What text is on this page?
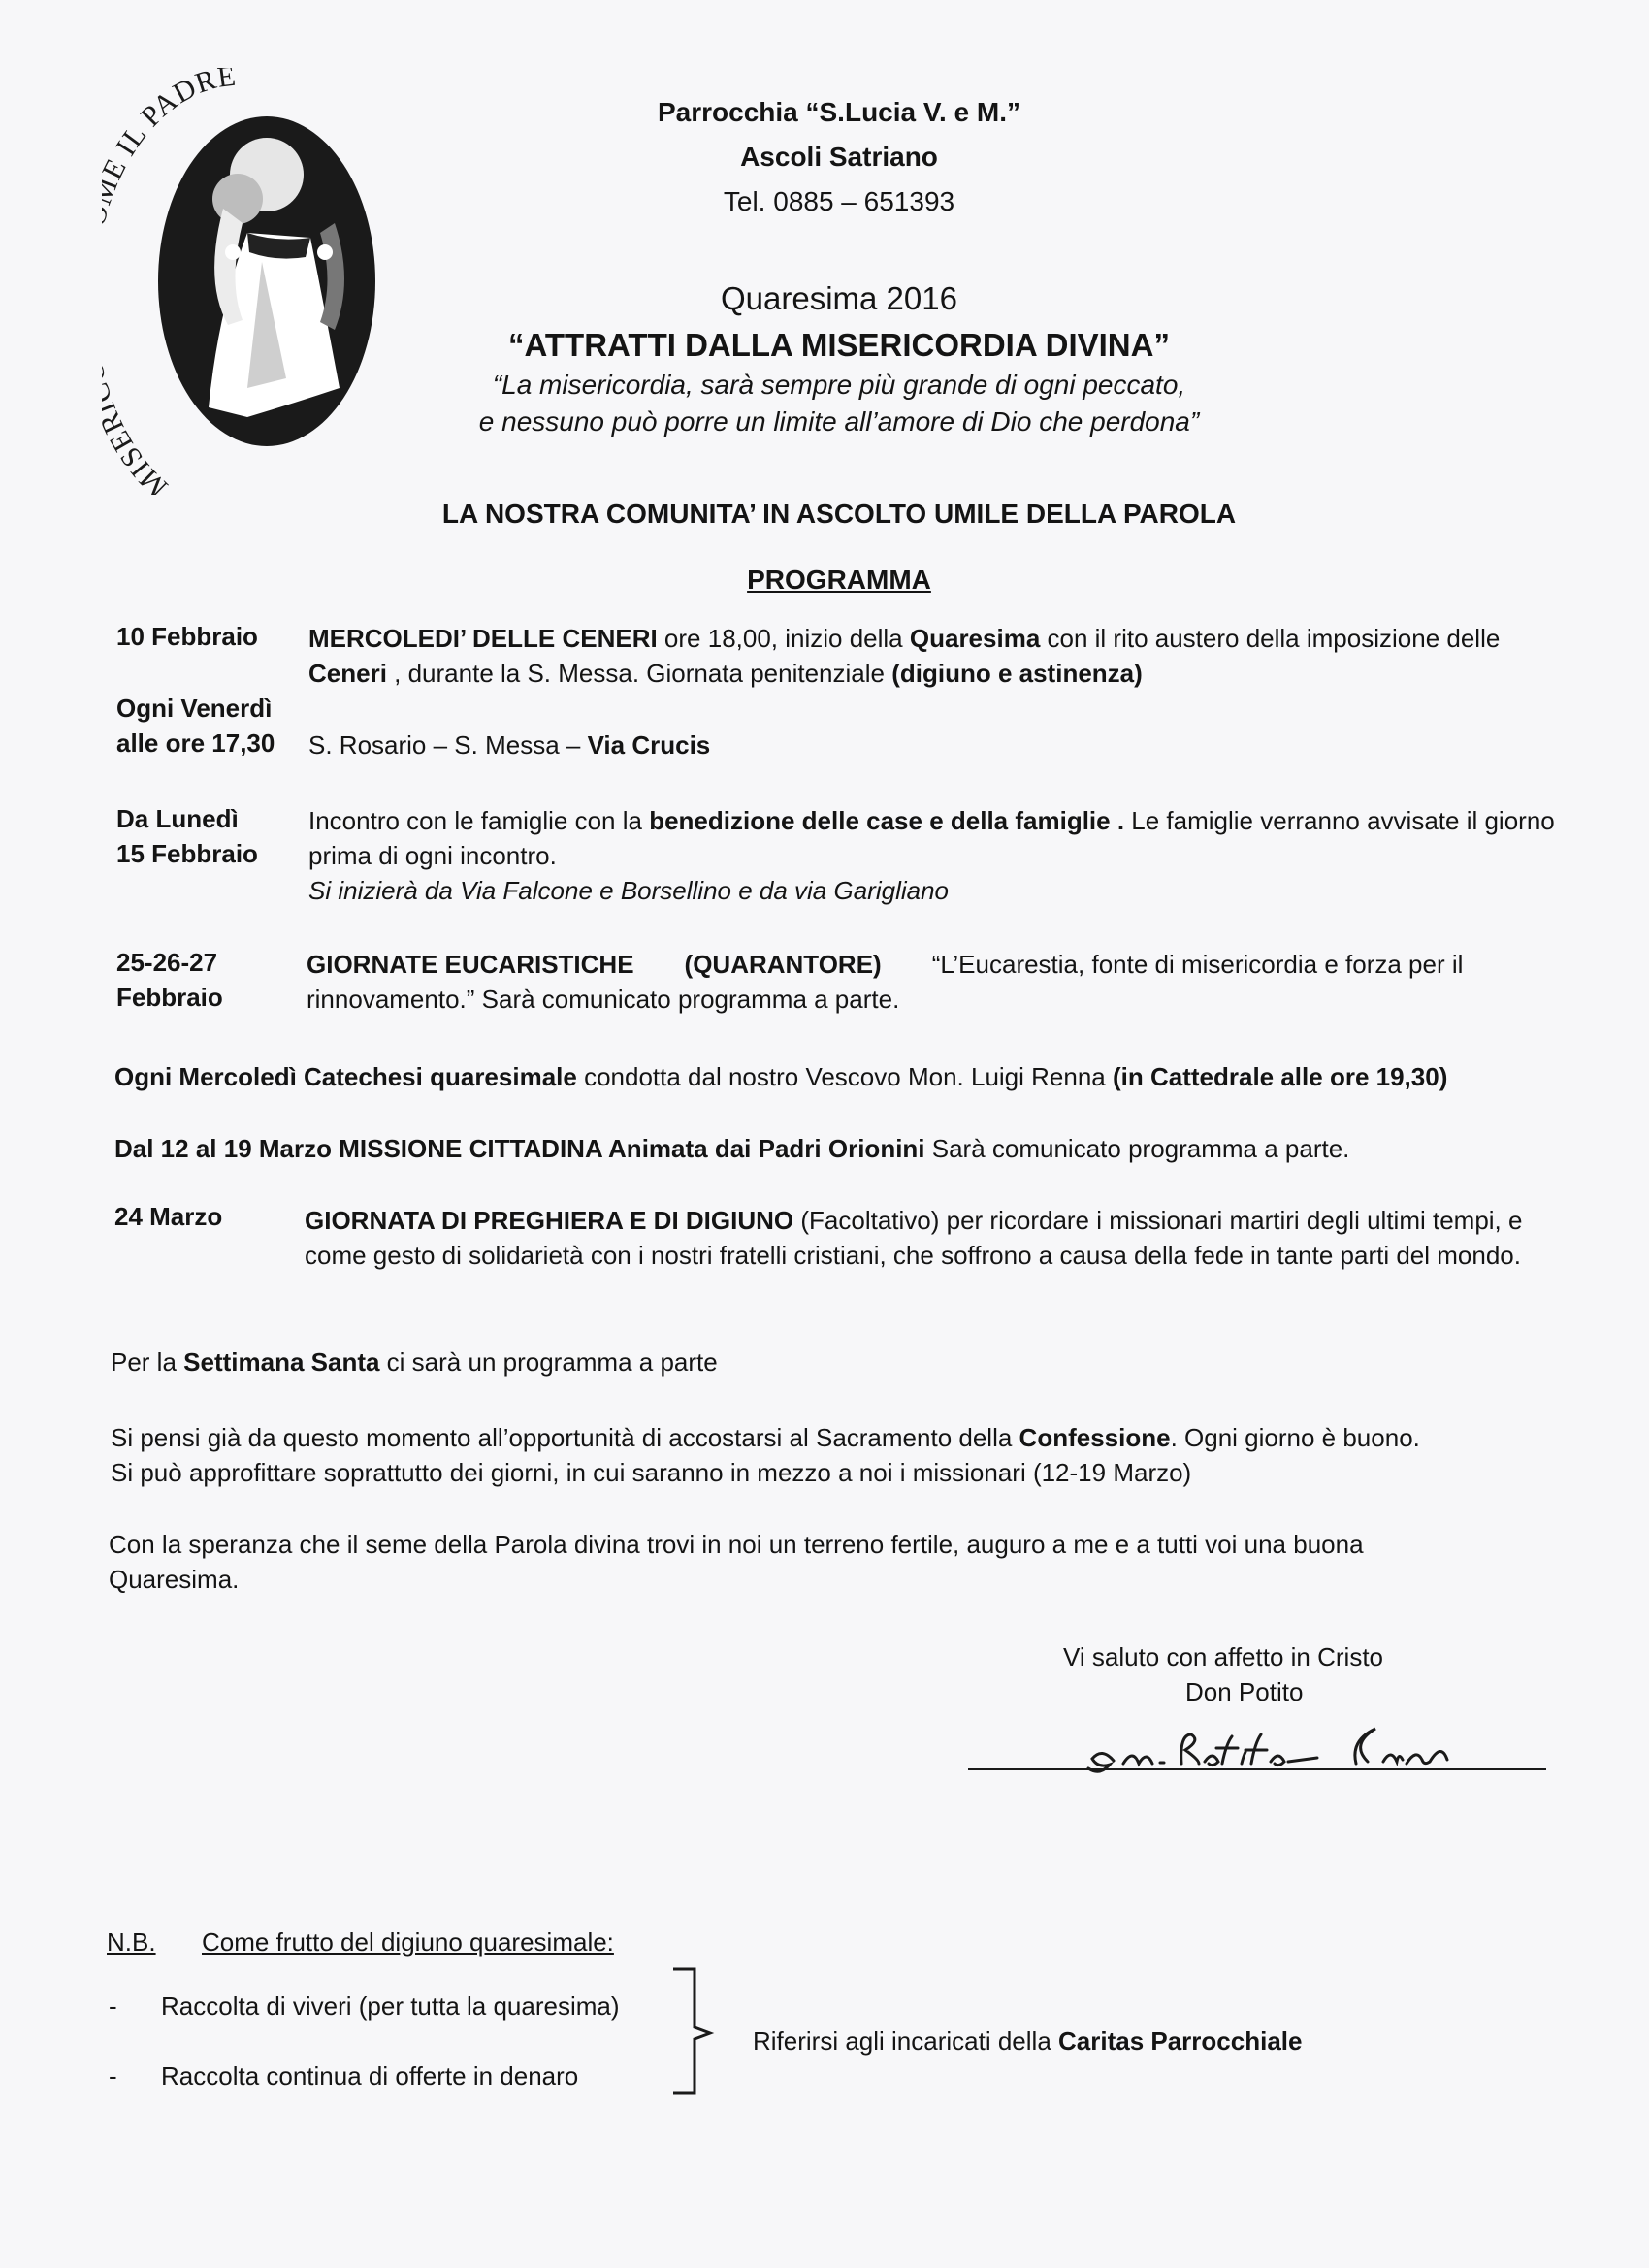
MISE IL PADRE
Parrocchia “S.Lucia V. e M.”
Ascoli Satriano
Tel. 0885 – 651393
Quaresima 2016
“ATTRATTI DALLA MISERICORDIA DIVINA”
“La misericordia, sarà sempre più grande di ogni peccato,
e nessuno può porre un limite all’amore di Dio che perdona”
LA NOSTRA COMUNITA’ IN ASCOLTO UMILE DELLA PAROLA
PROGRAMMA
10 Febbraio MERCOLEDI’ DELLE CENERI ore 18,00, inizio della Quaresima con il rito austero della imposizione delle Ceneri , durante la S. Messa. Giornata penitenziale (digiuno e astinenza)

Ogni Venerdì
alle ore 17,30 S. Rosario – S. Messa – Via Crucis
Da Lunedì
15 Febbraio

Incontro con le famiglie con la benedizione delle case e della famiglie . Le famiglie verranno avvisate il giorno prima di ogni incontro.

Si inizierà da Via Falcone e Borsellino e da via Garigliano

25-26-27
Febbraio

GIORNATE EUCARISTICHE (QUARANTORE) “L’Eucarestia, fonte di misericordia e forza per il rinnovamento.” Sarà comunicato programma a parte.

Ogni Mercoledì Catechesi quaresimale condotta dal nostro Vescovo Mon. Luigi Renna (in Cattedrale alle ore 19,30)
Dal 12 al 19 Marzo MISSIONE CITTADINA Animata dai Padri Orionini Sarà comunicato programma a parte.
24 Marzo	GIORNATA DI PREGHIERA E DI DIGIUNO (Facoltativo) per ricordare i missionari martiri degli ultimi tempi, e come gesto di solidarietà con i nostri fratelli cristiani, che soffrono a causa della fede in tante parti del mondo.

Per la Settimana Santa ci sarà un programma a parte

Si pensi già da questo momento all’opportunità di accostarsi al Sacramento della Confessione. Ogni giorno è buono.

Si può approfittare soprattutto dei giorni, in cui saranno in mezzo a noi i missionari (12-19 Marzo)

Con la speranza che il seme della Parola divina trovi in noi un terreno fertile, auguro a me e a tutti voi una buona Quaresima.
Vi saluto con affetto in Cristo
Don Potito
N.B. Come frutto del digiuno quaresimale:
- Raccolta di viveri (per tutta la quaresima)
- Raccolta continua di offerte in denaro
Riferirsi agli incaricati della Caritas Parrocchiale
